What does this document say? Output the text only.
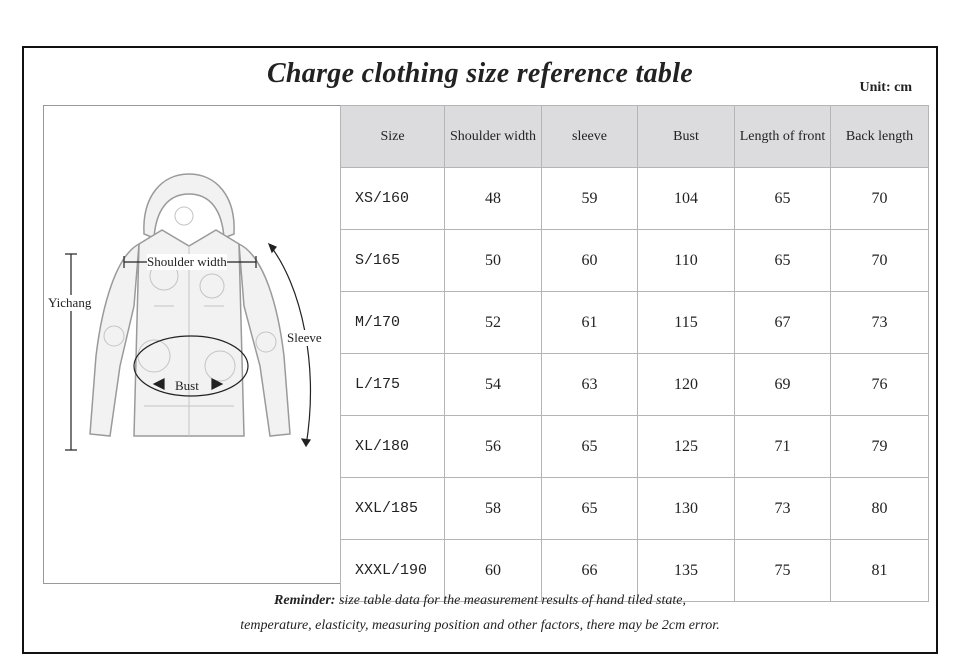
Charge clothing size reference table	Unit: cm
Shoulder width
Yichang
Sleeve
Bust
Size	Shoulder width	sleeve	Bust	Length of front	Back length
XS/160	48	59	104	65	70
S/165	50	60	110	65	70
M/170	52	61	115	67	73
L/175	54	63	120	69	76
XL/180	56	65	125	71	79
XXL/185	58	65	130	73	80
XXXL/190	60	66	135	75	81
Reminder: size table data for the measurement results of hand tiled state,
temperature, elasticity, measuring position and other factors, there may be 2cm error.
